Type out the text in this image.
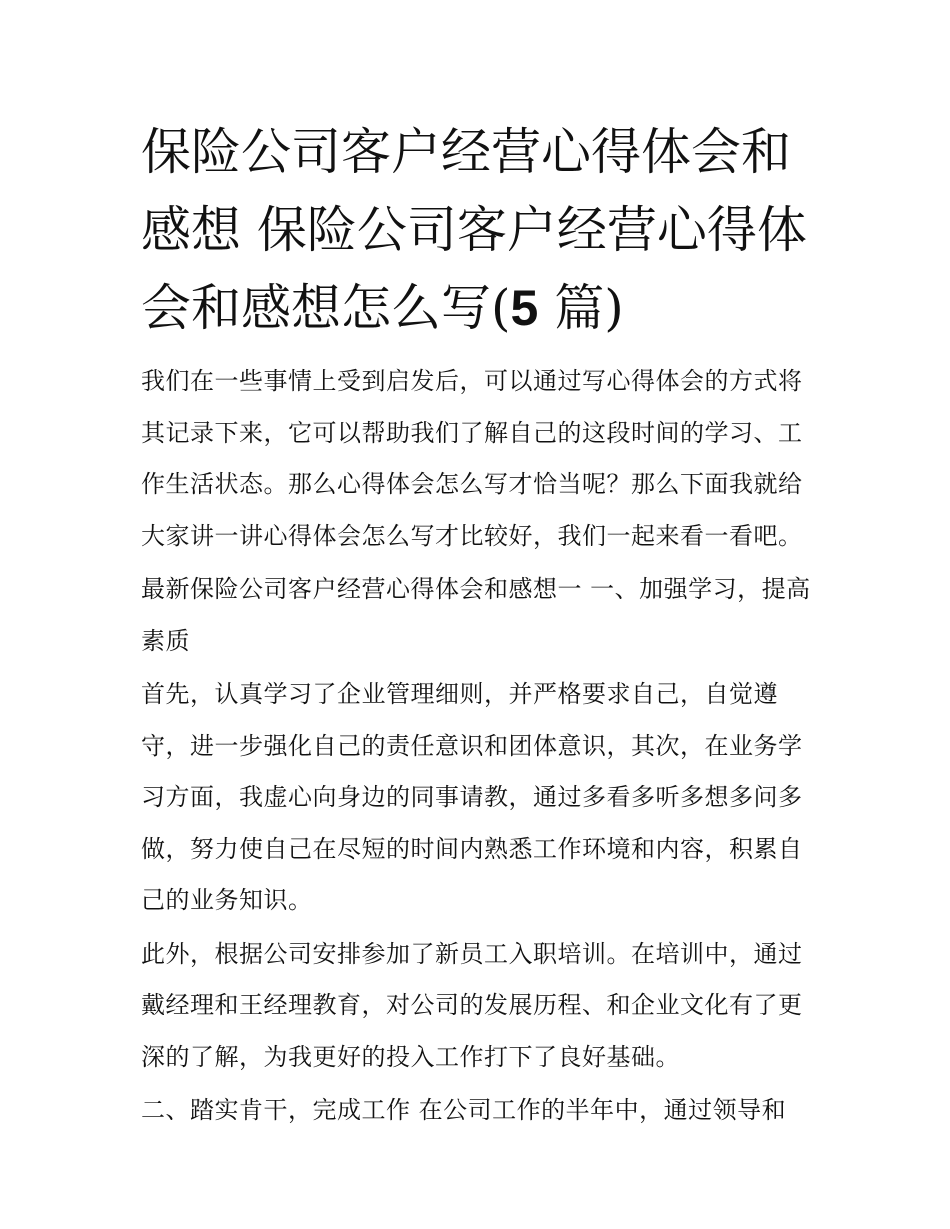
保险公司客户经营心得体会和感想 保险公司客户经营心得体会和感想怎么写(5 篇)

我们在一些事情上受到启发后，可以通过写心得体会的方式将其记录下来，它可以帮助我们了解自己的这段时间的学习、工作生活状态。那么心得体会怎么写才恰当呢？那么下面我就给大家讲一讲心得体会怎么写才比较好，我们一起来看一看吧。

最新保险公司客户经营心得体会和感想一 一、加强学习，提高素质

首先，认真学习了企业管理细则，并严格要求自己，自觉遵守，进一步强化自己的责任意识和团体意识，其次，在业务学习方面，我虚心向身边的同事请教，通过多看多听多想多问多做，努力使自己在尽短的时间内熟悉工作环境和内容，积累自己的业务知识。

此外，根据公司安排参加了新员工入职培训。在培训中，通过戴经理和王经理教育，对公司的发展历程、和企业文化有了更深的了解，为我更好的投入工作打下了良好基础。

二、踏实肯干，完成工作 在公司工作的半年中，通过领导和
